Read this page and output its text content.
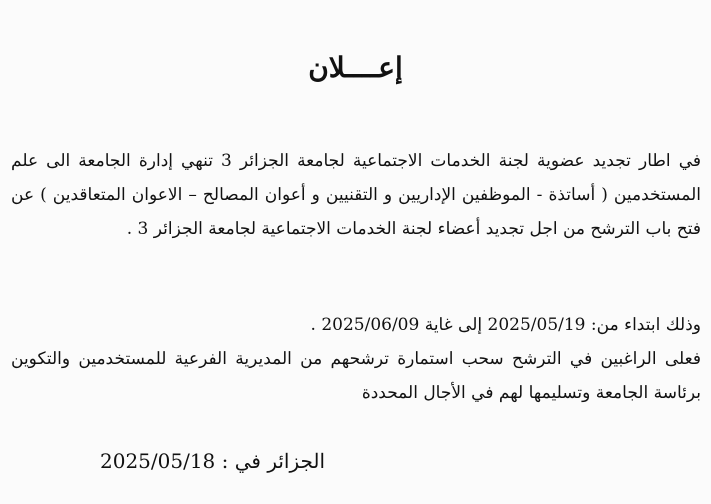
إعــــلان

في اطار تجديد عضوية لجنة الخدمات الاجتماعية لجامعة الجزائر 3 تنهي إدارة الجامعة الى علم المستخدمين ( أساتذة - الموظفين الإداريين و التقنيين و أعوان المصالح – الاعوان المتعاقدين ) عن فتح باب الترشح من اجل تجديد أعضاء لجنة الخدمات الاجتماعية لجامعة الجزائر 3 .

وذلك ابتداء من: 2025/05/19 إلى غاية 2025/06/09 .

فعلى الراغبين في الترشح سحب استمارة ترشحهم من المديرية الفرعية للمستخدمين والتكوين برئاسة الجامعة وتسليمها لهم في الأجال المحددة

الجزائر في : 2025/05/18
